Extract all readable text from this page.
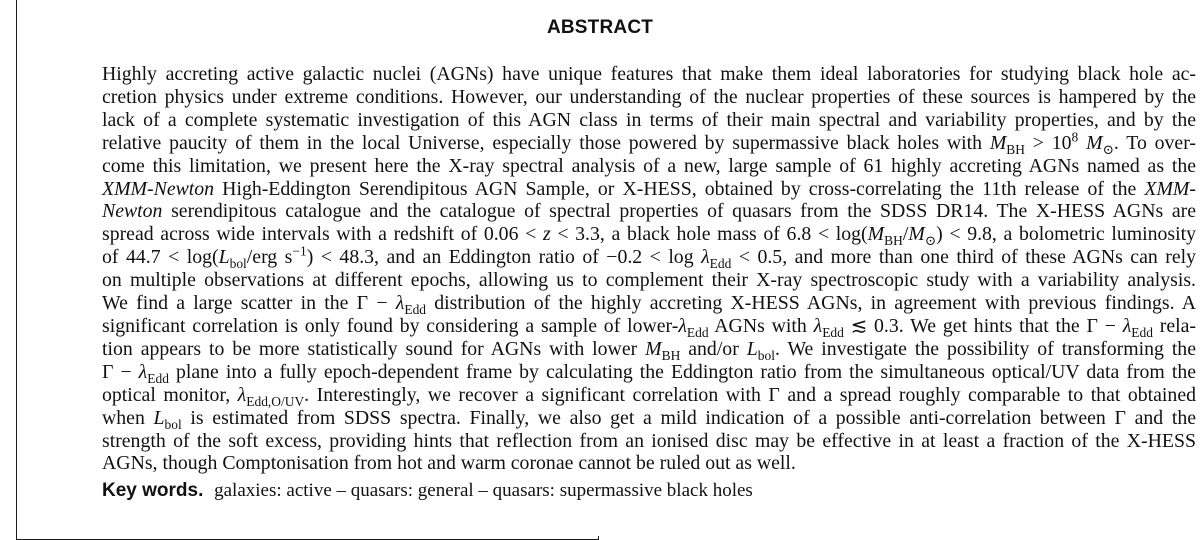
ABSTRACT
Highly accreting active galactic nuclei (AGNs) have unique features that make them ideal laboratories for studying black hole ac-
cretion physics under extreme conditions. However, our understanding of the nuclear properties of these sources is hampered by the
lack of a complete systematic investigation of this AGN class in terms of their main spectral and variability properties, and by the
relative paucity of them in the local Universe, especially those powered by supermassive black holes with $M_{BH} > 10^8$ $M_⊙$. To over-
come this limitation, we present here the X-ray spectral analysis of a new, large sample of 61 highly accreting AGNs named as the
XMM-Newton High-Eddington Serendipitous AGN Sample, or X-HESS, obtained by cross-correlating the 11th release of the XMM-
Newton serendipitous catalogue and the catalogue of spectral properties of quasars from the SDSS DR14. The X-HESS AGNs are
spread across wide intervals with a redshift of 0.06 < z < 3.3, a black hole mass of $6.8 < \log(M_{BH}/M_⊙) < 9.8$, a bolometric luminosity
of $44.7 < \log(L_{bol}$/erg $s^{-1}) < 48.3$, and an Eddington ratio of $-0.2 < \log \lambda_{Edd} < 0.5$, and more than one third of these AGNs can rely
on multiple observations at different epochs, allowing us to complement their X-ray spectroscopic study with a variability analysis.
We find a large scatter in the $\Gamma - \lambda_{Edd}$ distribution of the highly accreting X-HESS AGNs, in agreement with previous findings. A
significant correlation is only found by considering a sample of lower-$\lambda_{Edd}$ AGNs with $\lambda_{Edd}$ ≲ 0.3. We get hints that the $\Gamma - \lambda_{Edd}$ rela-
tion appears to be more statistically sound for AGNs with lower $M_{BH}$ and/or $L_{bol}$. We investigate the possibility of transforming the
$\Gamma - \lambda_{Edd}$ plane into a fully epoch-dependent frame by calculating the Eddington ratio from the simultaneous optical/UV data from the
optical monitor, $\lambda_{Edd,O/UV}$. Interestingly, we recover a significant correlation with Γ and a spread roughly comparable to that obtained
when $L_{bol}$ is estimated from SDSS spectra. Finally, we also get a mild indication of a possible anti-correlation between Γ and the
strength of the soft excess, providing hints that reflection from an ionised disc may be effective in at least a fraction of the X-HESS
AGNs, though Comptonisation from hot and warm coronae cannot be ruled out as well.
Key words. galaxies: active – quasars: general – quasars: supermassive black holes
